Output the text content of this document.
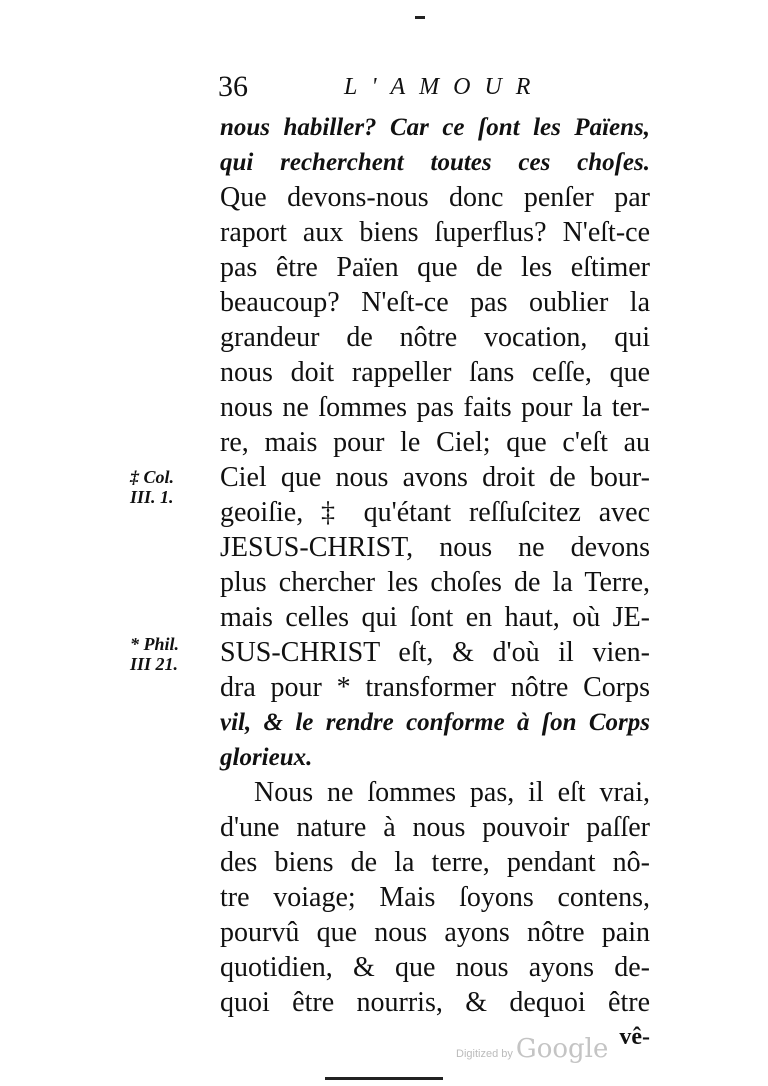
36	L'AMOUR
‡ Col.
III. 1.
* Phil.
III 21.
nous habiller? Car ce ſont les Païens,
qui recherchent toutes ces choſes.
Que devons-nous donc penſer par
raport aux biens ſuperflus? N'eſt-ce
pas être Païen que de les eſtimer
beaucoup? N'eſt-ce pas oublier la
grandeur de nôtre vocation, qui
nous doit rappeller ſans ceſſe, que
nous ne ſommes pas faits pour la ter-
re, mais pour le Ciel; que c'eſt au
Ciel que nous avons droit de bour-
geoiſie, ‡ qu'étant reſſuſcitez avec
JESUS-CHRIST, nous ne devons
plus chercher les choſes de la Terre,
mais celles qui ſont en haut, où JE-
SUS-CHRIST eſt, & d'où il vien-
dra pour * transformer nôtre Corps
vil, & le rendre conforme à ſon Corps
glorieux.
Nous ne ſommes pas, il eſt vrai,
d'une nature à nous pouvoir paſſer
des biens de la terre, pendant nô-
tre voiage; Mais ſoyons contens,
pourvû que nous ayons nôtre pain
quotidien, & que nous ayons de-
quoi être nourris, & dequoi être
vê-
Digitized by Google
